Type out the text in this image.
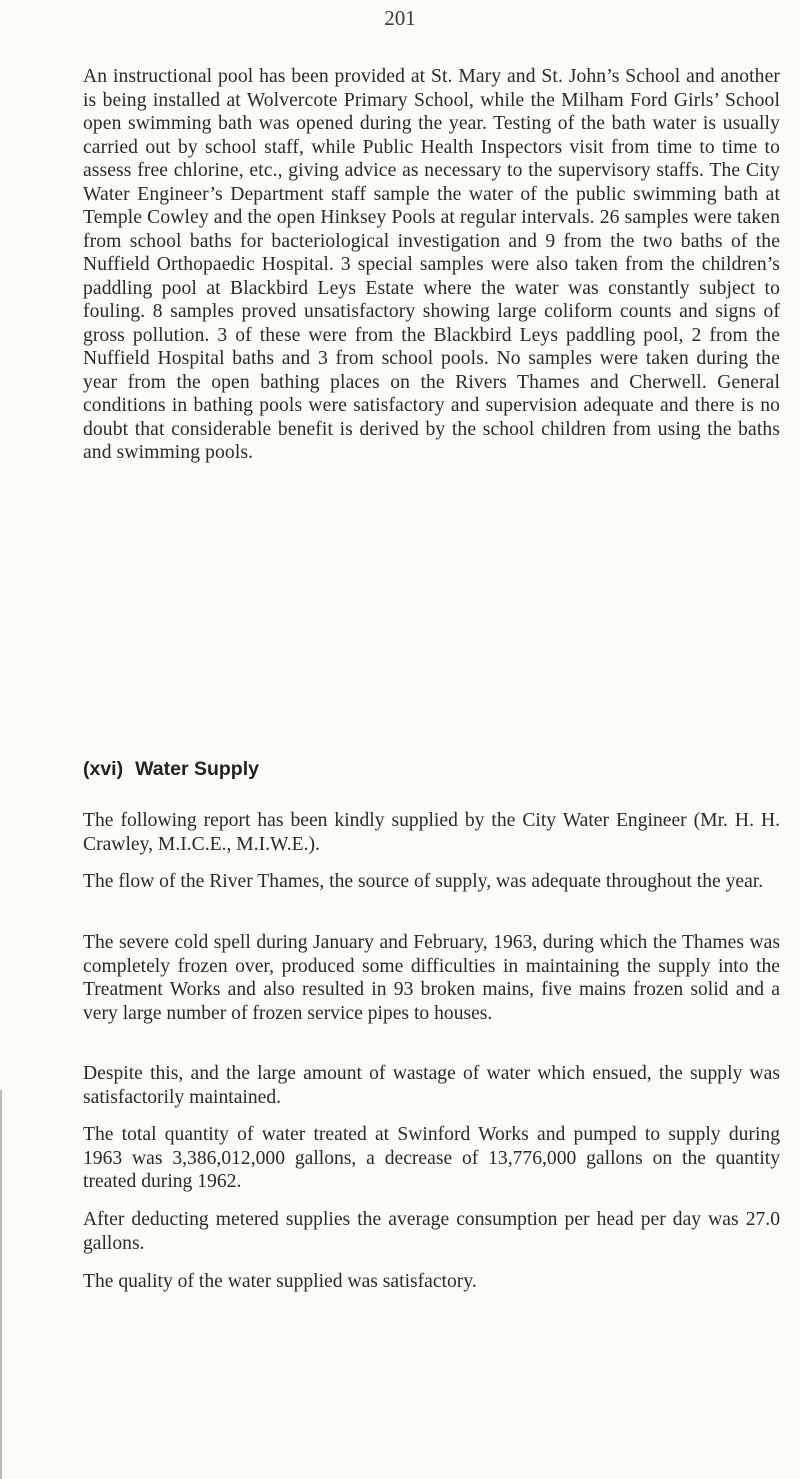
201

An instructional pool has been provided at St. Mary and St. John’s School and another is being installed at Wolvercote Primary School, while the Milham Ford Girls’ School open swimming bath was opened during the year. Testing of the bath water is usually carried out by school staff, while Public Health Inspectors visit from time to time to assess free chlorine, etc., giving advice as necessary to the supervisory staffs. The City Water Engineer’s Department staff sample the water of the public swimming bath at Temple Cowley and the open Hinksey Pools at regular intervals. 26 samples were taken from school baths for bacteriological investigation and 9 from the two baths of the Nuffield Orthopaedic Hospital. 3 special samples were also taken from the children’s paddling pool at Blackbird Leys Estate where the water was constantly subject to fouling. 8 samples proved unsatisfactory showing large coliform counts and signs of gross pollution. 3 of these were from the Blackbird Leys paddling pool, 2 from the Nuffield Hospital baths and 3 from school pools. No samples were taken during the year from the open bathing places on the Rivers Thames and Cherwell. General conditions in bathing pools were satisfactory and supervision adequate and there is no doubt that considerable benefit is derived by the school children from using the baths and swimming pools.

(xvi) Water Supply

The following report has been kindly supplied by the City Water Engineer (Mr. H. H. Crawley, M.I.C.E., M.I.W.E.).

The flow of the River Thames, the source of supply, was adequate throughout the year.

The severe cold spell during January and February, 1963, during which the Thames was completely frozen over, produced some difficulties in maintaining the supply into the Treatment Works and also resulted in 93 broken mains, five mains frozen solid and a very large number of frozen service pipes to houses.

Despite this, and the large amount of wastage of water which ensued, the supply was satisfactorily maintained.

The total quantity of water treated at Swinford Works and pumped to supply during 1963 was 3,386,012,000 gallons, a decrease of 13,776,000 gallons on the quantity treated during 1962.

After deducting metered supplies the average consumption per head per day was 27.0 gallons.

The quality of the water supplied was satisfactory.
